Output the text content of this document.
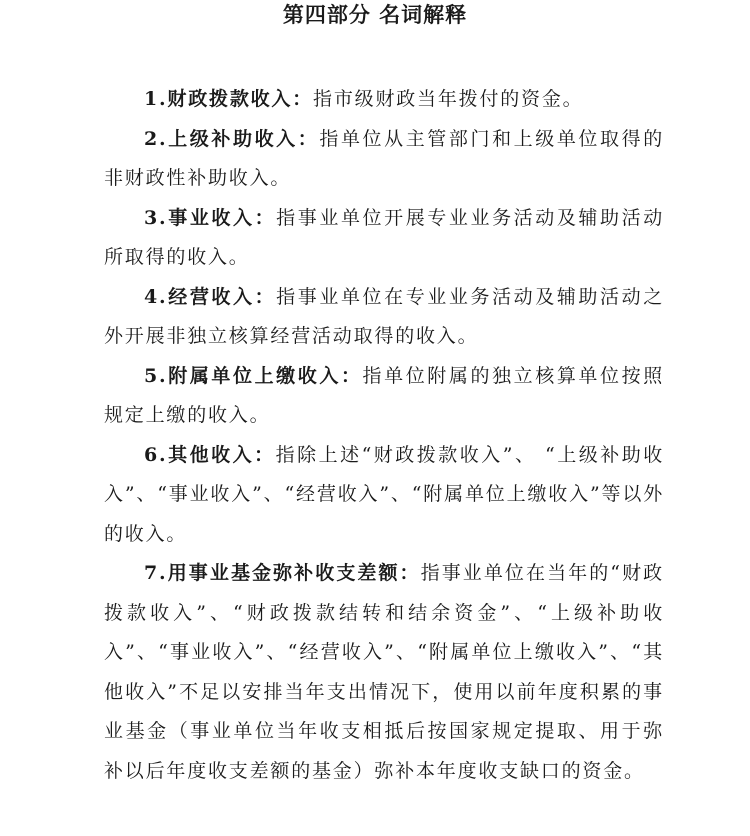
第四部分 名词解释
1.财政拨款收入：指市级财政当年拨付的资金。
2.上级补助收入：指单位从主管部门和上级单位取得的非财政性补助收入。
3.事业收入：指事业单位开展专业业务活动及辅助活动所取得的收入。
4.经营收入：指事业单位在专业业务活动及辅助活动之外开展非独立核算经营活动取得的收入。
5.附属单位上缴收入：指单位附属的独立核算单位按照规定上缴的收入。
6.其他收入：指除上述“财政拨款收入”、 “上级补助收入”、“事业收入”、“经营收入”、“附属单位上缴收入”等以外的收入。
7.用事业基金弥补收支差额：指事业单位在当年的“财政拨款收入”、“财政拨款结转和结余资金”、“上级补助收入”、“事业收入”、“经营收入”、“附属单位上缴收入”、“其他收入”不足以安排当年支出情况下，使用以前年度积累的事业基金（事业单位当年收支相抵后按国家规定提取、用于弥补以后年度收支差额的基金）弥补本年度收支缺口的资金。
